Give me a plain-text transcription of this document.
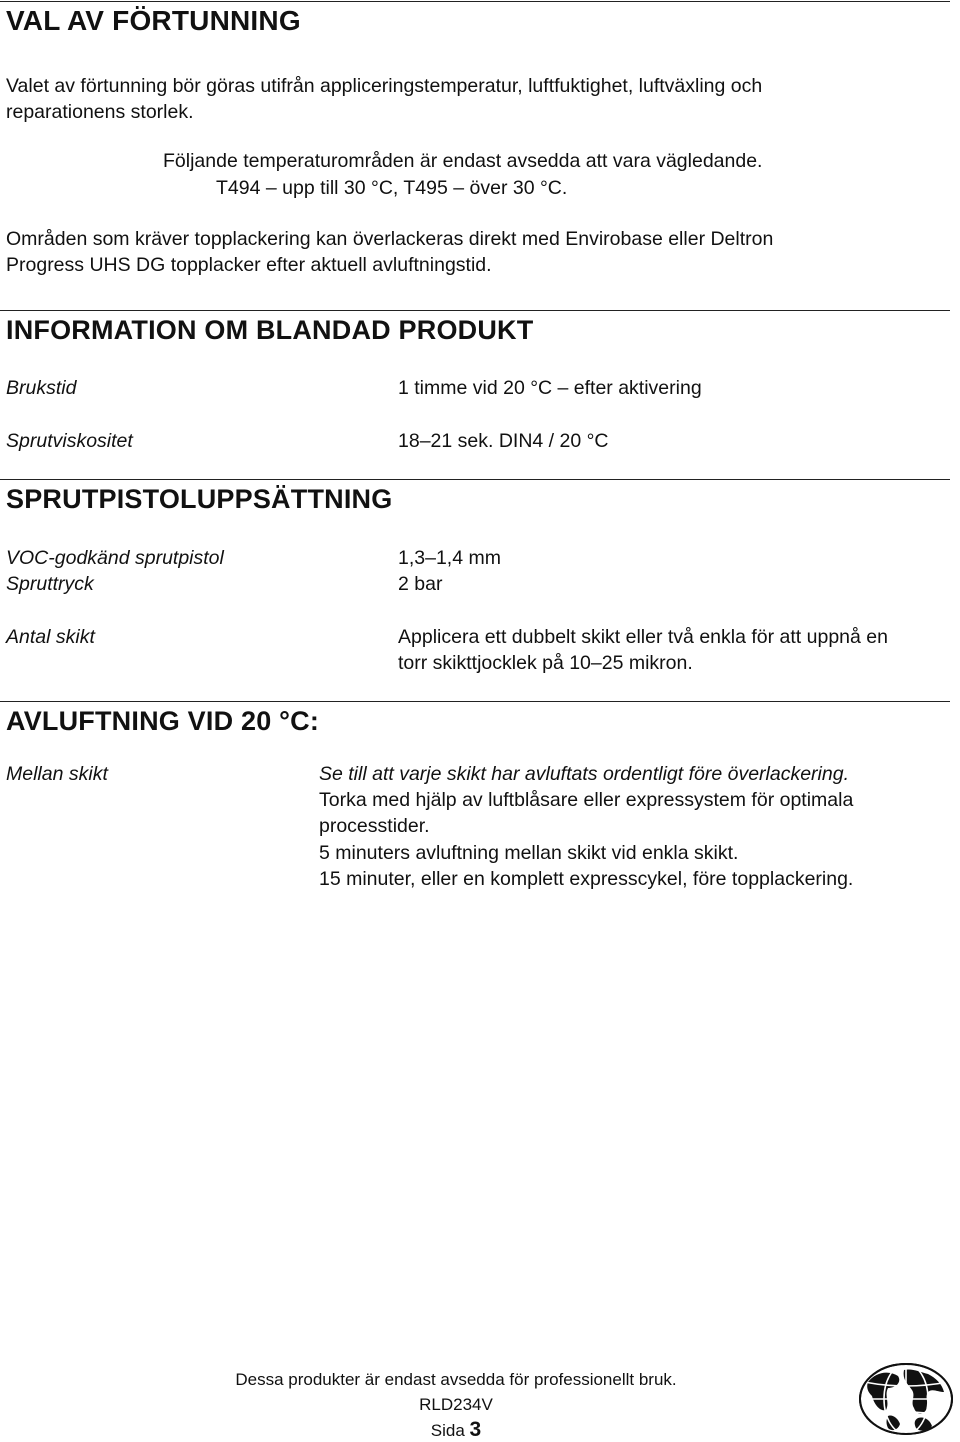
VAL AV FÖRTUNNING

Valet av förtunning bör göras utifrån appliceringstemperatur, luftfuktighet, luftväxling och

reparationens storlek.

Följande temperaturområden är endast avsedda att vara vägledande.

T494 – upp till 30 °C, T495 – över 30 °C.

Områden som kräver topplackering kan överlackeras direkt med Envirobase eller Deltron

Progress UHS DG topplacker efter aktuell avluftningstid.

INFORMATION OM BLANDAD PRODUKT

Brukstid	1 timme vid 20 °C – efter aktivering

Sprutviskositet	18–21 sek. DIN4 / 20 °C

SPRUTPISTOLUPPSÄTTNING

VOC-godkänd sprutpistol	1,3–1,4 mm

Spruttryck	2 bar

Antal skikt	Applicera ett dubbelt skikt eller två enkla för att uppnå en

torr skikttjocklek på 10–25 mikron.

AVLUFTNING VID 20 °C:

Mellan skikt	Se till att varje skikt har avluftats ordentligt före överlackering.

Torka med hjälp av luftblåsare eller expressystem för optimala

processtider.

5 minuters avluftning mellan skikt vid enkla skikt.

15 minuter, eller en komplett expresscykel, före topplackering.

Dessa produkter är endast avsedda för professionellt bruk.
RLD234V
Sida 3
